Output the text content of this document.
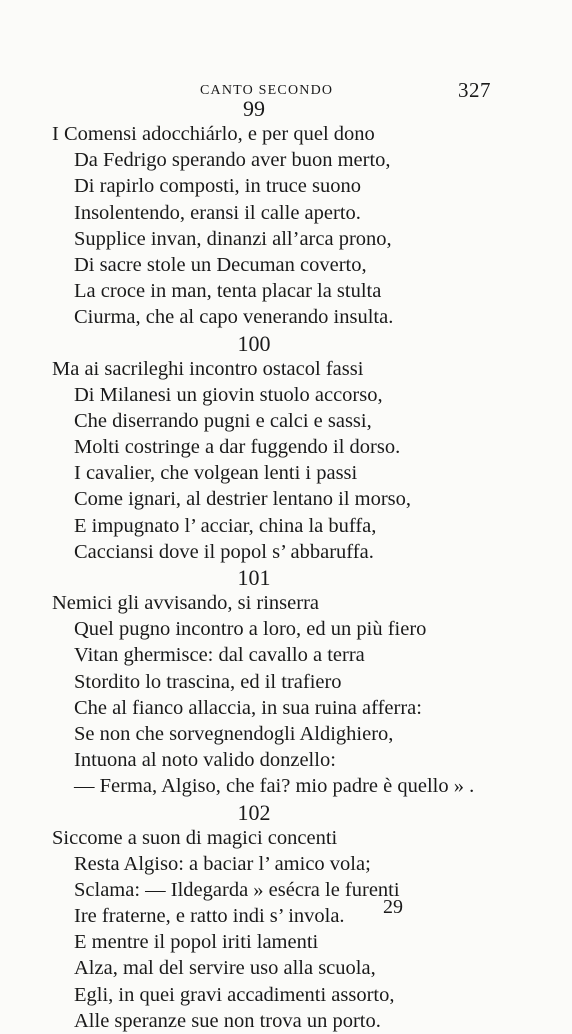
CANTO SECONDO	327
99
I Comensi adocchiárlo, e per quel dono
Da Fedrigo sperando aver buon merto,
Di rapirlo composti, in truce suono
Insolentendo, eransi il calle aperto.
Supplice invan, dinanzi all’arca prono,
Di sacre stole un Decuman coverto,
La croce in man, tenta placar la stulta
Ciurma, che al capo venerando insulta.
100
Ma ai sacrileghi incontro ostacol fassi
Di Milanesi un giovin stuolo accorso,
Che diserrando pugni e calci e sassi,
Molti costringe a dar fuggendo il dorso.
I cavalier, che volgean lenti i passi
Come ignari, al destrier lentano il morso,
E impugnato l’ acciar, china la buffa,
Cacciansi dove il popol s’ abbaruffa.
101
Nemici gli avvisando, si rinserra
Quel pugno incontro a loro, ed un più fiero
Vitan ghermisce: dal cavallo a terra
Stordito lo trascina, ed il trafiero
Che al fianco allaccia, in sua ruina afferra:
Se non che sorvegnendogli Aldighiero,
Intuona al noto valido donzello:
— Ferma, Algiso, che fai? mio padre è quello » .
102
Siccome a suon di magici concenti
Resta Algiso: a baciar l’ amico vola;
Sclama: — Ildegarda » esécra le furenti
Ire fraterne, e ratto indi s’ invola.
E mentre il popol iriti lamenti
Alza, mal del servire uso alla scuola,
Egli, in quei gravi accadimenti assorto,
Alle speranze sue non trova un porto.
29
